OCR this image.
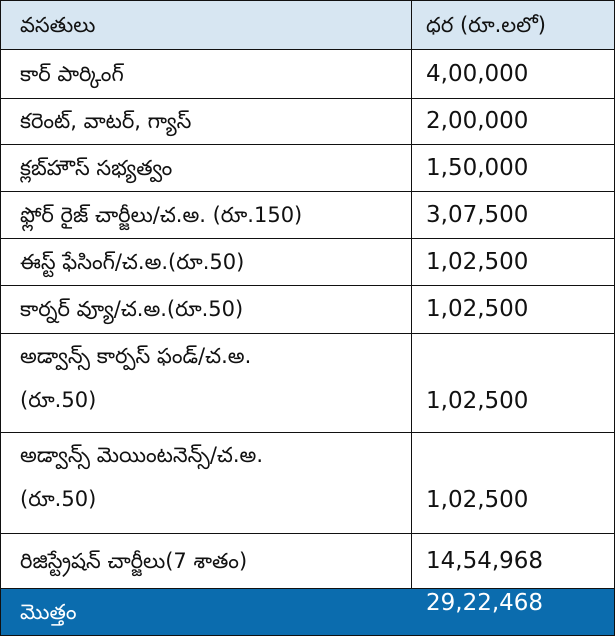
వసతులు	ధర (రూ.లలో)
కార్ పార్కింగ్	4,00,000
కరెంట్, వాటర్, గ్యాస్	2,00,000
క్లబ్‌హౌస్ సభ్యత్వం	1,50,000
ఫ్లోర్ రైజ్ చార్జీలు/చ.అ. (రూ.150)	3,07,500
ఈస్ట్ ఫేసింగ్/చ.అ.(రూ.50)	1,02,500
కార్నర్ వ్యూ/చ.అ.(రూ.50)	1,02,500
అడ్వాన్స్ కార్పస్ ఫండ్/చ.అ.
(రూ.50)	1,02,500
అడ్వాన్స్ మెయింటనెన్స్/చ.అ.
(రూ.50)	1,02,500
రిజిస్ట్రేషన్ చార్జీలు(7 శాతం)	14,54,968
మొత్తం	29,22,468
